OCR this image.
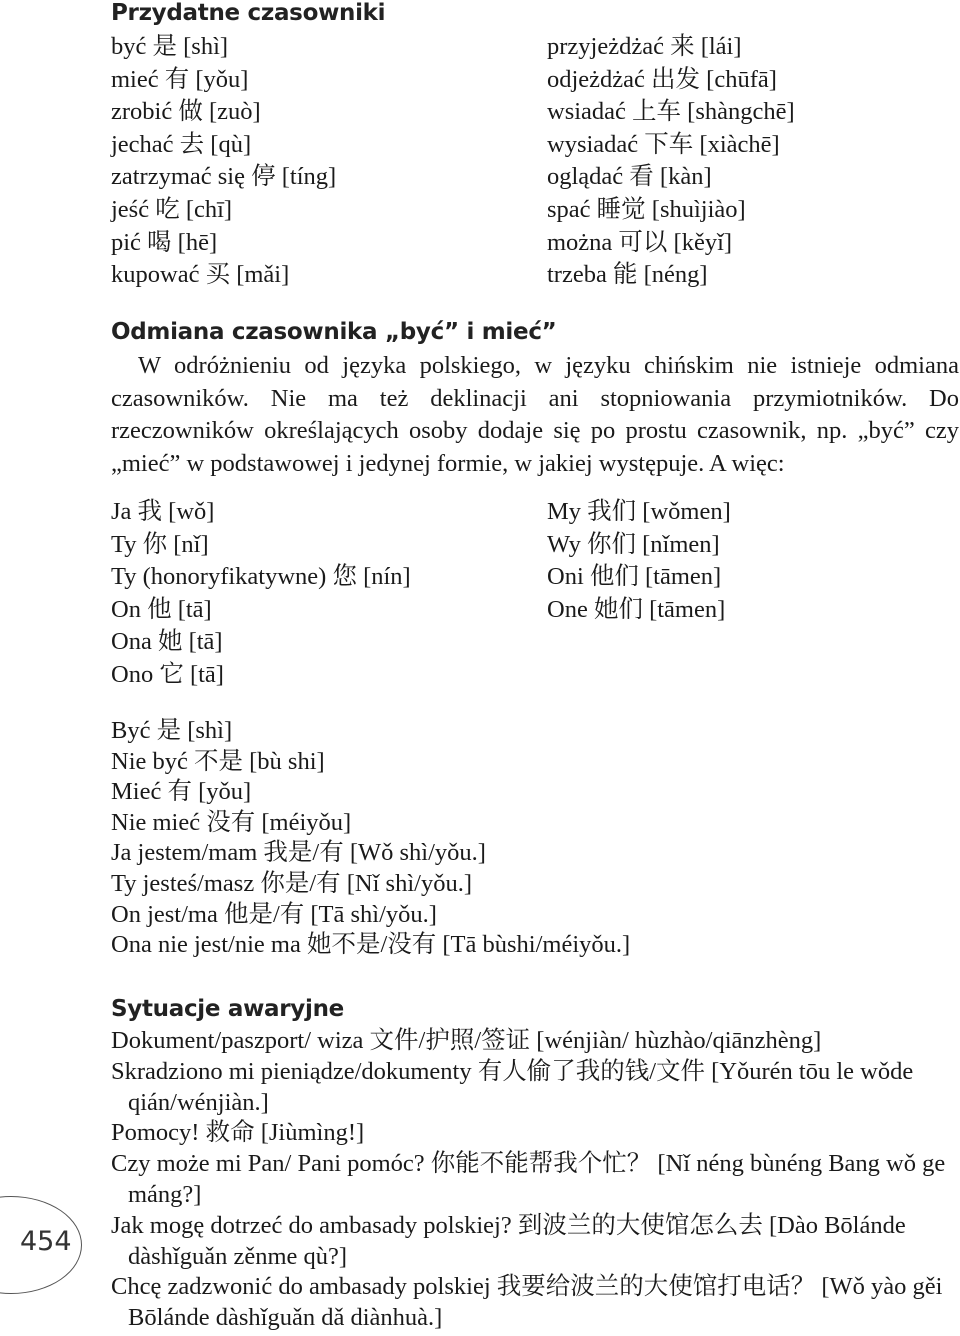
Przydatne czasowniki
być 是 [shì]
mieć 有 [yǒu]
zrobić 做 [zuò]
jechać 去 [qù]
zatrzymać się 停 [tíng]
jeść 吃 [chī]
pić 喝 [hē]
kupować 买 [mǎi]
przyjeżdżać 来 [lái]
odjeżdżać 出发 [chūfā]
wsiadać 上车 [shàngchē]
wysiadać 下车 [xiàchē]
oglądać 看 [kàn]
spać 睡觉 [shuìjiào]
można 可以 [kěyǐ]
trzeba 能 [néng]
Odmiana czasownika „być” i mieć”

W odróżnieniu od języka polskiego, w języku chińskim nie istnieje odmiana czasowników. Nie ma też deklinacji ani stopniowania przymiotników. Do rzeczowników określających osoby dodaje się po prostu czasownik, np. „być” czy „mieć” w podstawowej i jedynej formie, w jakiej występuje. A więc:

Ja 我 [wǒ]
Ty 你 [nǐ]
Ty (honoryfikatywne) 您 [nín]
On 他 [tā]
Ona 她 [tā]
Ono 它 [tā]
My 我们 [wǒmen]
Wy 你们 [nǐmen]
Oni 他们 [tāmen]
One 她们 [tāmen]
Być 是 [shì]
Nie być 不是 [bù shi]
Mieć 有 [yǒu]
Nie mieć 没有 [méiyǒu]
Ja jestem/mam 我是/有 [Wǒ shì/yǒu.]
Ty jesteś/masz 你是/有 [Nǐ shì/yǒu.]
On jest/ma 他是/有 [Tā shì/yǒu.]
Ona nie jest/nie ma 她不是/没有 [Tā bùshi/méiyǒu.]
Sytuacje awaryjne
Dokument/paszport/ wiza 文件/护照/签证 [wénjiàn/ hùzhào/qiānzhèng]
Skradziono mi pieniądze/dokumenty 有人偷了我的钱/文件 [Yǒurén tōu le wǒde qián/wénjiàn.]
Pomocy! 救命 [Jiùmìng!]
Czy może mi Pan/ Pani pomóc? 你能不能帮我个忙？ [Nǐ néng bùnéng Bang wǒ ge máng?]
Jak mogę dotrzeć do ambasady polskiej? 到波兰的大使馆怎么去 [Dào Bōlánde dàshǐguǎn zěnme qù?]
Chcę zadzwonić do ambasady polskiej 我要给波兰的大使馆打电话？ [Wǒ yào gěi Bōlánde dàshǐguǎn dǎ diànhuà.]
454
